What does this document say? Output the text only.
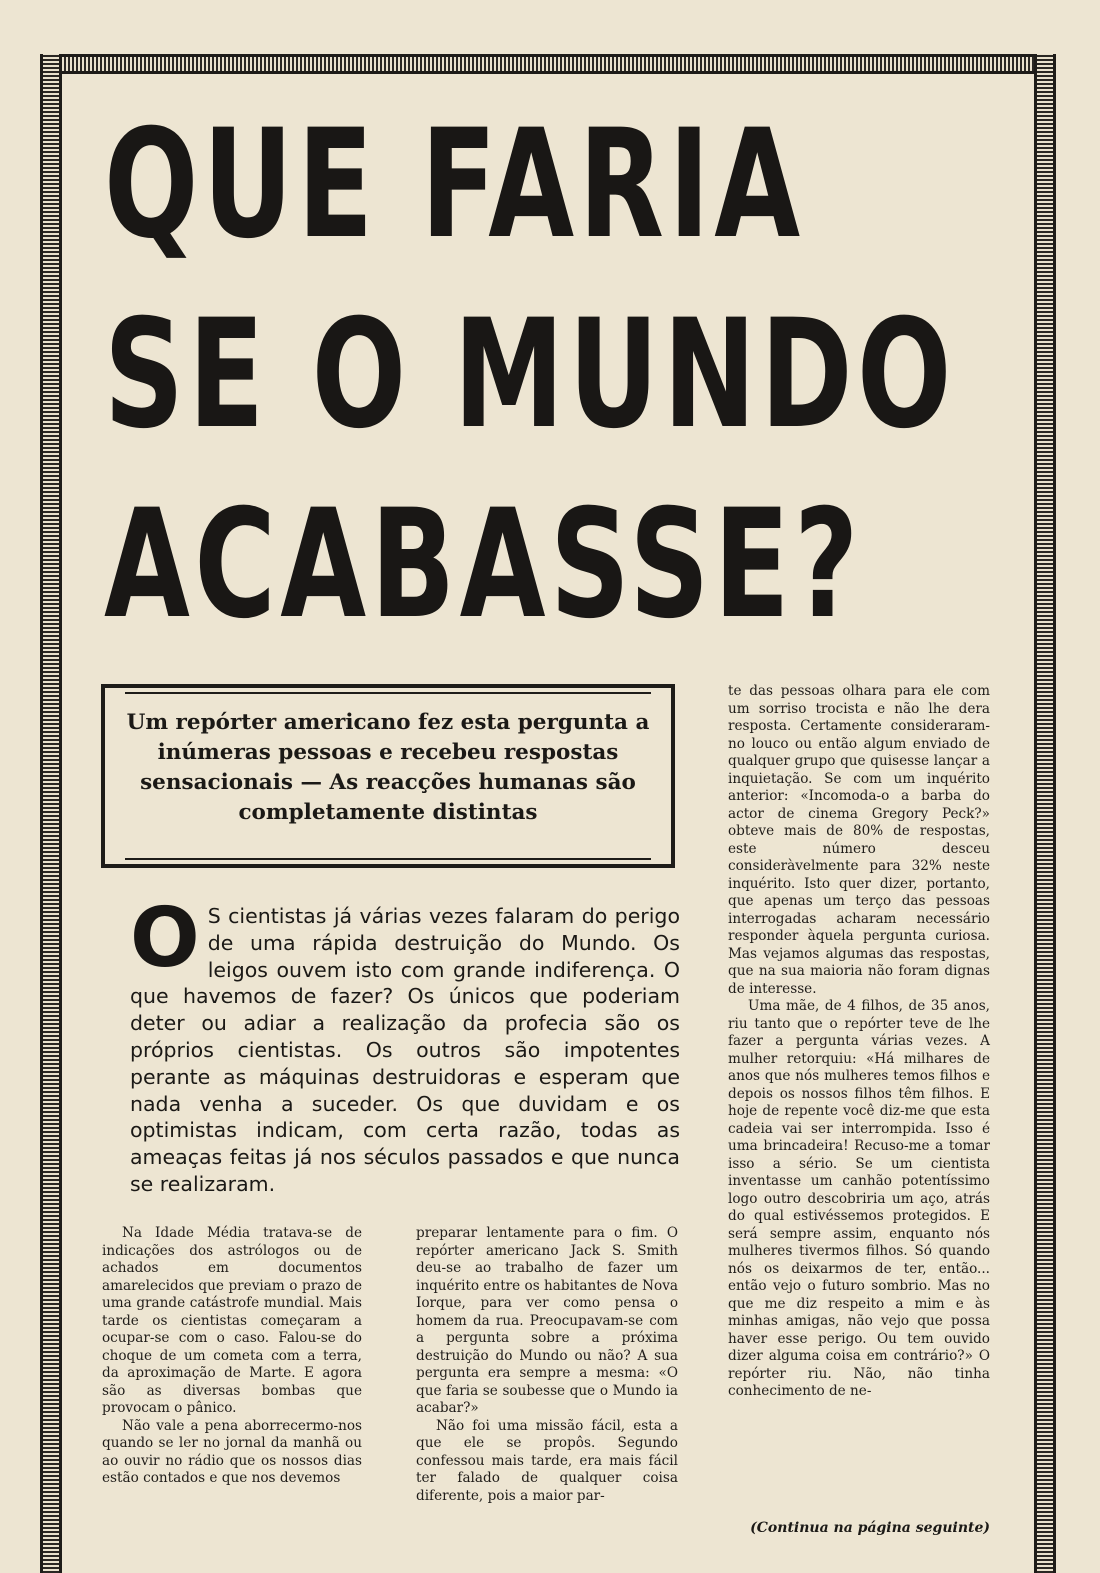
QUE FARIA
SE O MUNDO
ACABASSE?

Um repórter americano fez esta pergunta a inúmeras pessoas e recebeu respostas sensacionais — As reacções humanas são completamente distintas

O S cientistas já várias vezes falaram do perigo de uma rápida destruição do Mundo. Os leigos ouvem isto com grande indiferença. O que havemos de fazer? Os únicos que poderiam deter ou adiar a realização da profecia são os próprios cientistas. Os outros são impotentes perante as máquinas destruidoras e esperam que nada venha a suceder. Os que duvidam e os optimistas indicam, com certa razão, todas as ameaças feitas já nos séculos passados e que nunca se realizaram.

Na Idade Média tratava-se de indicações dos astrólogos ou de achados em documentos amarelecidos que previam o prazo de uma grande catástrofe mundial. Mais tarde os cientistas começaram a ocupar-se com o caso. Falou-se do choque de um cometa com a terra, da aproximação de Marte. E agora são as diversas bombas que provocam o pânico.

Não vale a pena aborrecermo-nos quando se ler no jornal da manhã ou ao ouvir no rádio que os nossos dias estão contados e que nos devemos

preparar lentamente para o fim. O repórter americano Jack S. Smith deu-se ao trabalho de fazer um inquérito entre os habitantes de Nova Iorque, para ver como pensa o homem da rua. Preocupavam-se com a pergunta sobre a próxima destruição do Mundo ou não? A sua pergunta era sempre a mesma: «O que faria se soubesse que o Mundo ia acabar?»

Não foi uma missão fácil, esta a que ele se propôs. Segundo confessou mais tarde, era mais fácil ter falado de qualquer coisa diferente, pois a maior par-

te das pessoas olhara para ele com um sorriso trocista e não lhe dera resposta. Certamente consideraram-no louco ou então algum enviado de qualquer grupo que quisesse lançar a inquietação. Se com um inquérito anterior: «Incomoda-o a barba do actor de cinema Gregory Peck?» obteve mais de 80% de respostas, este número desceu consideràvelmente para 32% neste inquérito. Isto quer dizer, portanto, que apenas um terço das pessoas interrogadas acharam necessário responder àquela pergunta curiosa. Mas vejamos algumas das respostas, que na sua maioria não foram dignas de interesse.

Uma mãe, de 4 filhos, de 35 anos, riu tanto que o repórter teve de lhe fazer a pergunta várias vezes. A mulher retorquiu: «Há milhares de anos que nós mulheres temos filhos e depois os nossos filhos têm filhos. E hoje de repente você diz-me que esta cadeia vai ser interrompida. Isso é uma brincadeira! Recuso-me a tomar isso a sério. Se um cientista inventasse um canhão potentíssimo logo outro descobriria um aço, atrás do qual estivéssemos protegidos. E será sempre assim, enquanto nós mulheres tivermos filhos. Só quando nós os deixarmos de ter, então... então vejo o futuro sombrio. Mas no que me diz respeito a mim e às minhas amigas, não vejo que possa haver esse perigo. Ou tem ouvido dizer alguma coisa em contrário?» O repórter riu. Não, não tinha conhecimento de ne-

(Continua na página seguinte)
